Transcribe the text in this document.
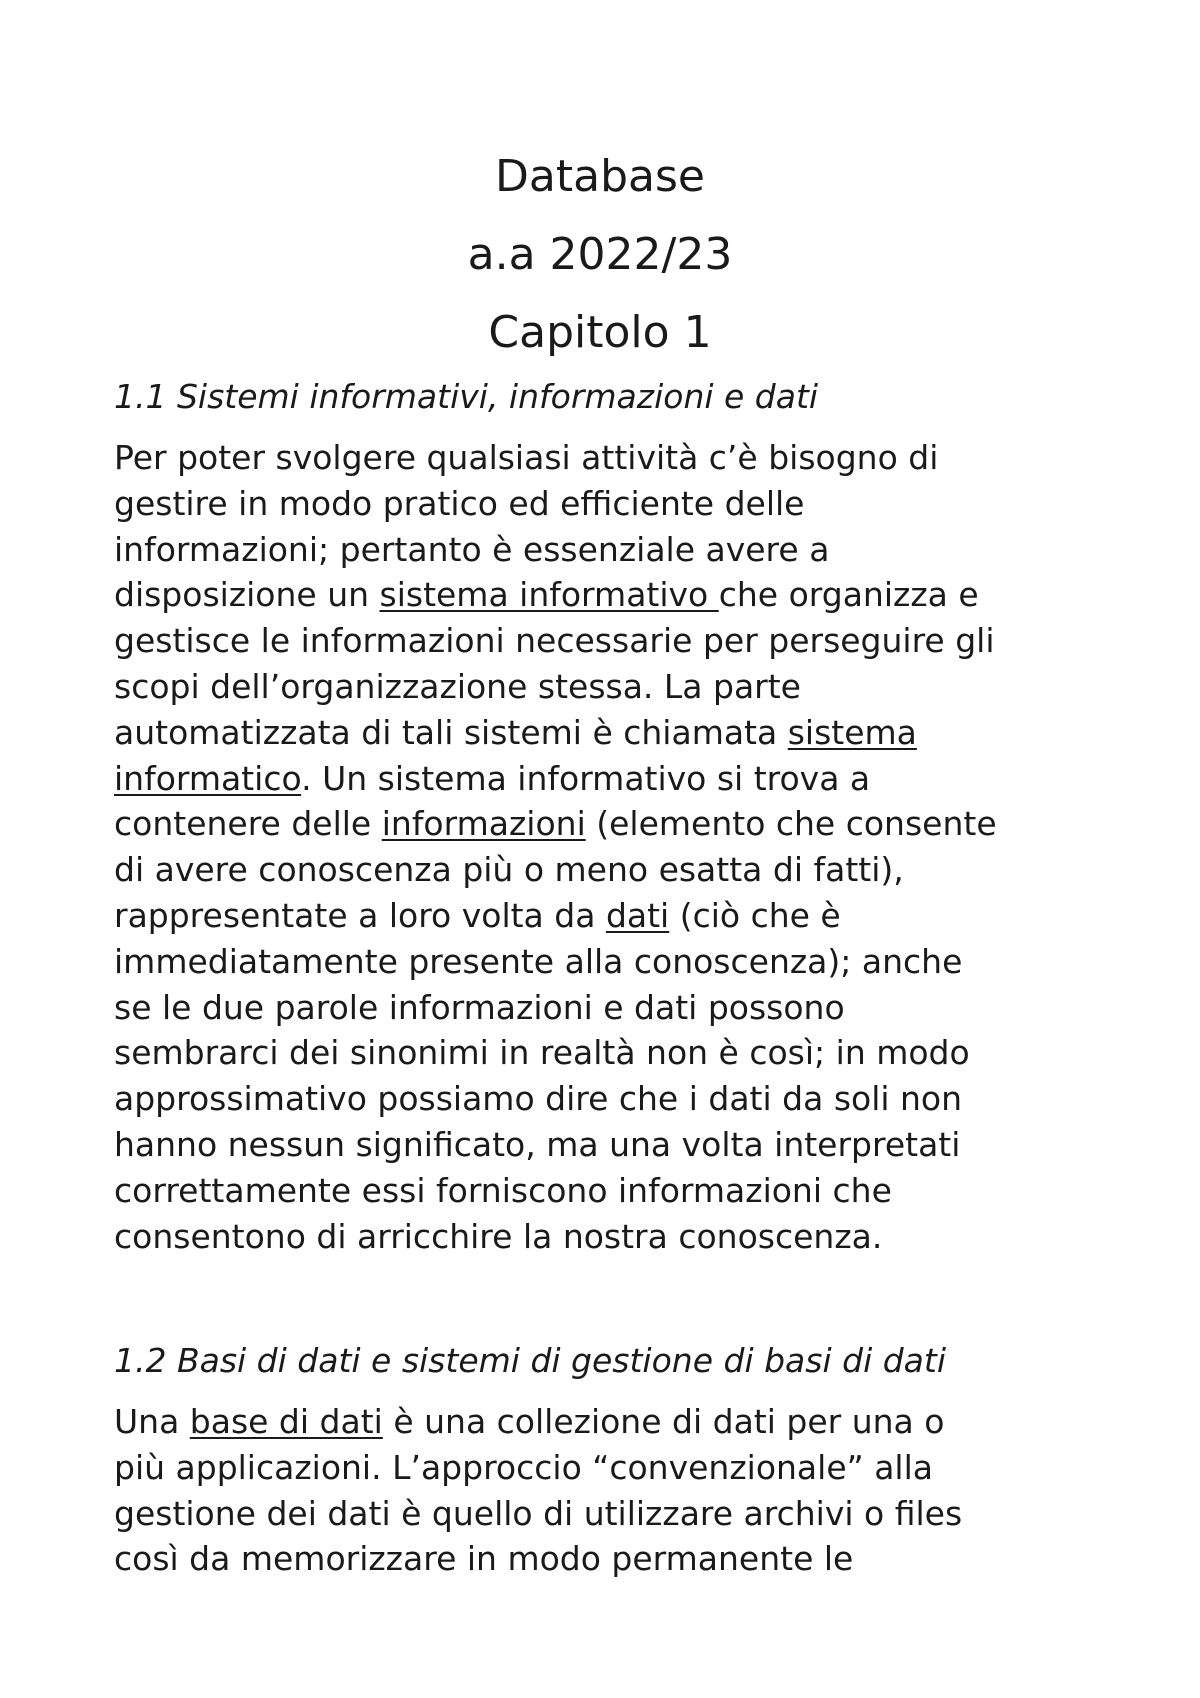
Database
a.a 2022/23
Capitolo 1
1.1 Sistemi informativi, informazioni e dati
Per poter svolgere qualsiasi attività c’è bisogno di
gestire in modo pratico ed efficiente delle
informazioni; pertanto è essenziale avere a
disposizione un sistema informativo che organizza e
gestisce le informazioni necessarie per perseguire gli
scopi dell’organizzazione stessa. La parte
automatizzata di tali sistemi è chiamata sistema
informatico. Un sistema informativo si trova a
contenere delle informazioni (elemento che consente
di avere conoscenza più o meno esatta di fatti),
rappresentate a loro volta da dati (ciò che è
immediatamente presente alla conoscenza); anche
se le due parole informazioni e dati possono
sembrarci dei sinonimi in realtà non è così; in modo
approssimativo possiamo dire che i dati da soli non
hanno nessun significato, ma una volta interpretati
correttamente essi forniscono informazioni che
consentono di arricchire la nostra conoscenza.
1.2 Basi di dati e sistemi di gestione di basi di dati
Una base di dati è una collezione di dati per una o
più applicazioni. L’approccio “convenzionale” alla
gestione dei dati è quello di utilizzare archivi o files
così da memorizzare in modo permanente le
